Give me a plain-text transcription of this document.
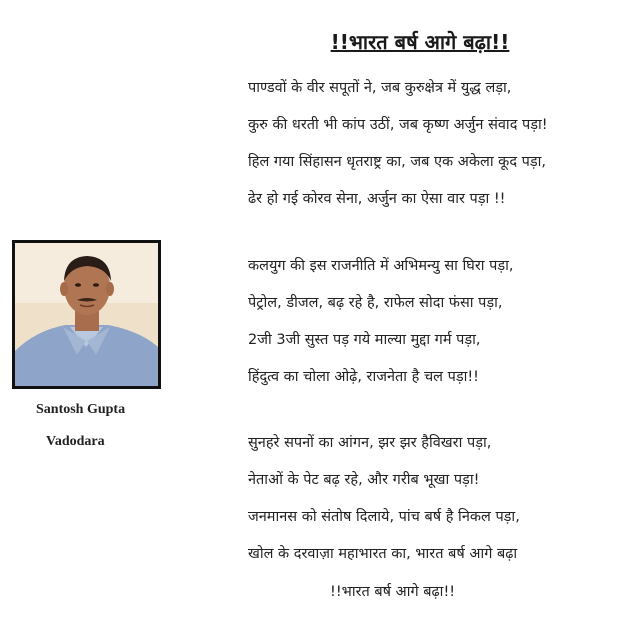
!!भारत बर्ष आगे बढ़ा!!
Santosh Gupta
Vadodara
पाण्डवों के वीर सपूतों ने, जब कुरुक्षेत्र में युद्ध लड़ा,
कुरु की धरती भी कांप उठीं, जब कृष्ण अर्जुन संवाद पड़ा!
हिल गया सिंहासन धृतराष्ट्र का, जब एक अकेला कूद पड़ा,
ढेर हो गई कोरव सेना, अर्जुन का ऐसा वार पड़ा !!
कलयुग की इस राजनीति में अभिमन्यु सा घिरा पड़ा,
पेट्रोल, डीजल, बढ़ रहे है, राफेल सोदा फंसा पड़ा,
2जी 3जी सुस्त पड़ गये माल्या मुद्दा गर्म पड़ा,
हिंदुत्व का चोला ओढ़े, राजनेता है चल पड़ा!!
सुनहरे सपनों का आंगन, झर झर हैविखरा पड़ा,
नेताओं के पेट बढ़ रहे, और गरीब भूखा पड़ा!
जनमानस को संतोष दिलाये, पांच बर्ष है निकल पड़ा,
खोल के दरवाज़ा महाभारत का, भारत बर्ष आगे बढ़ा
!!भारत बर्ष आगे बढ़ा!!
